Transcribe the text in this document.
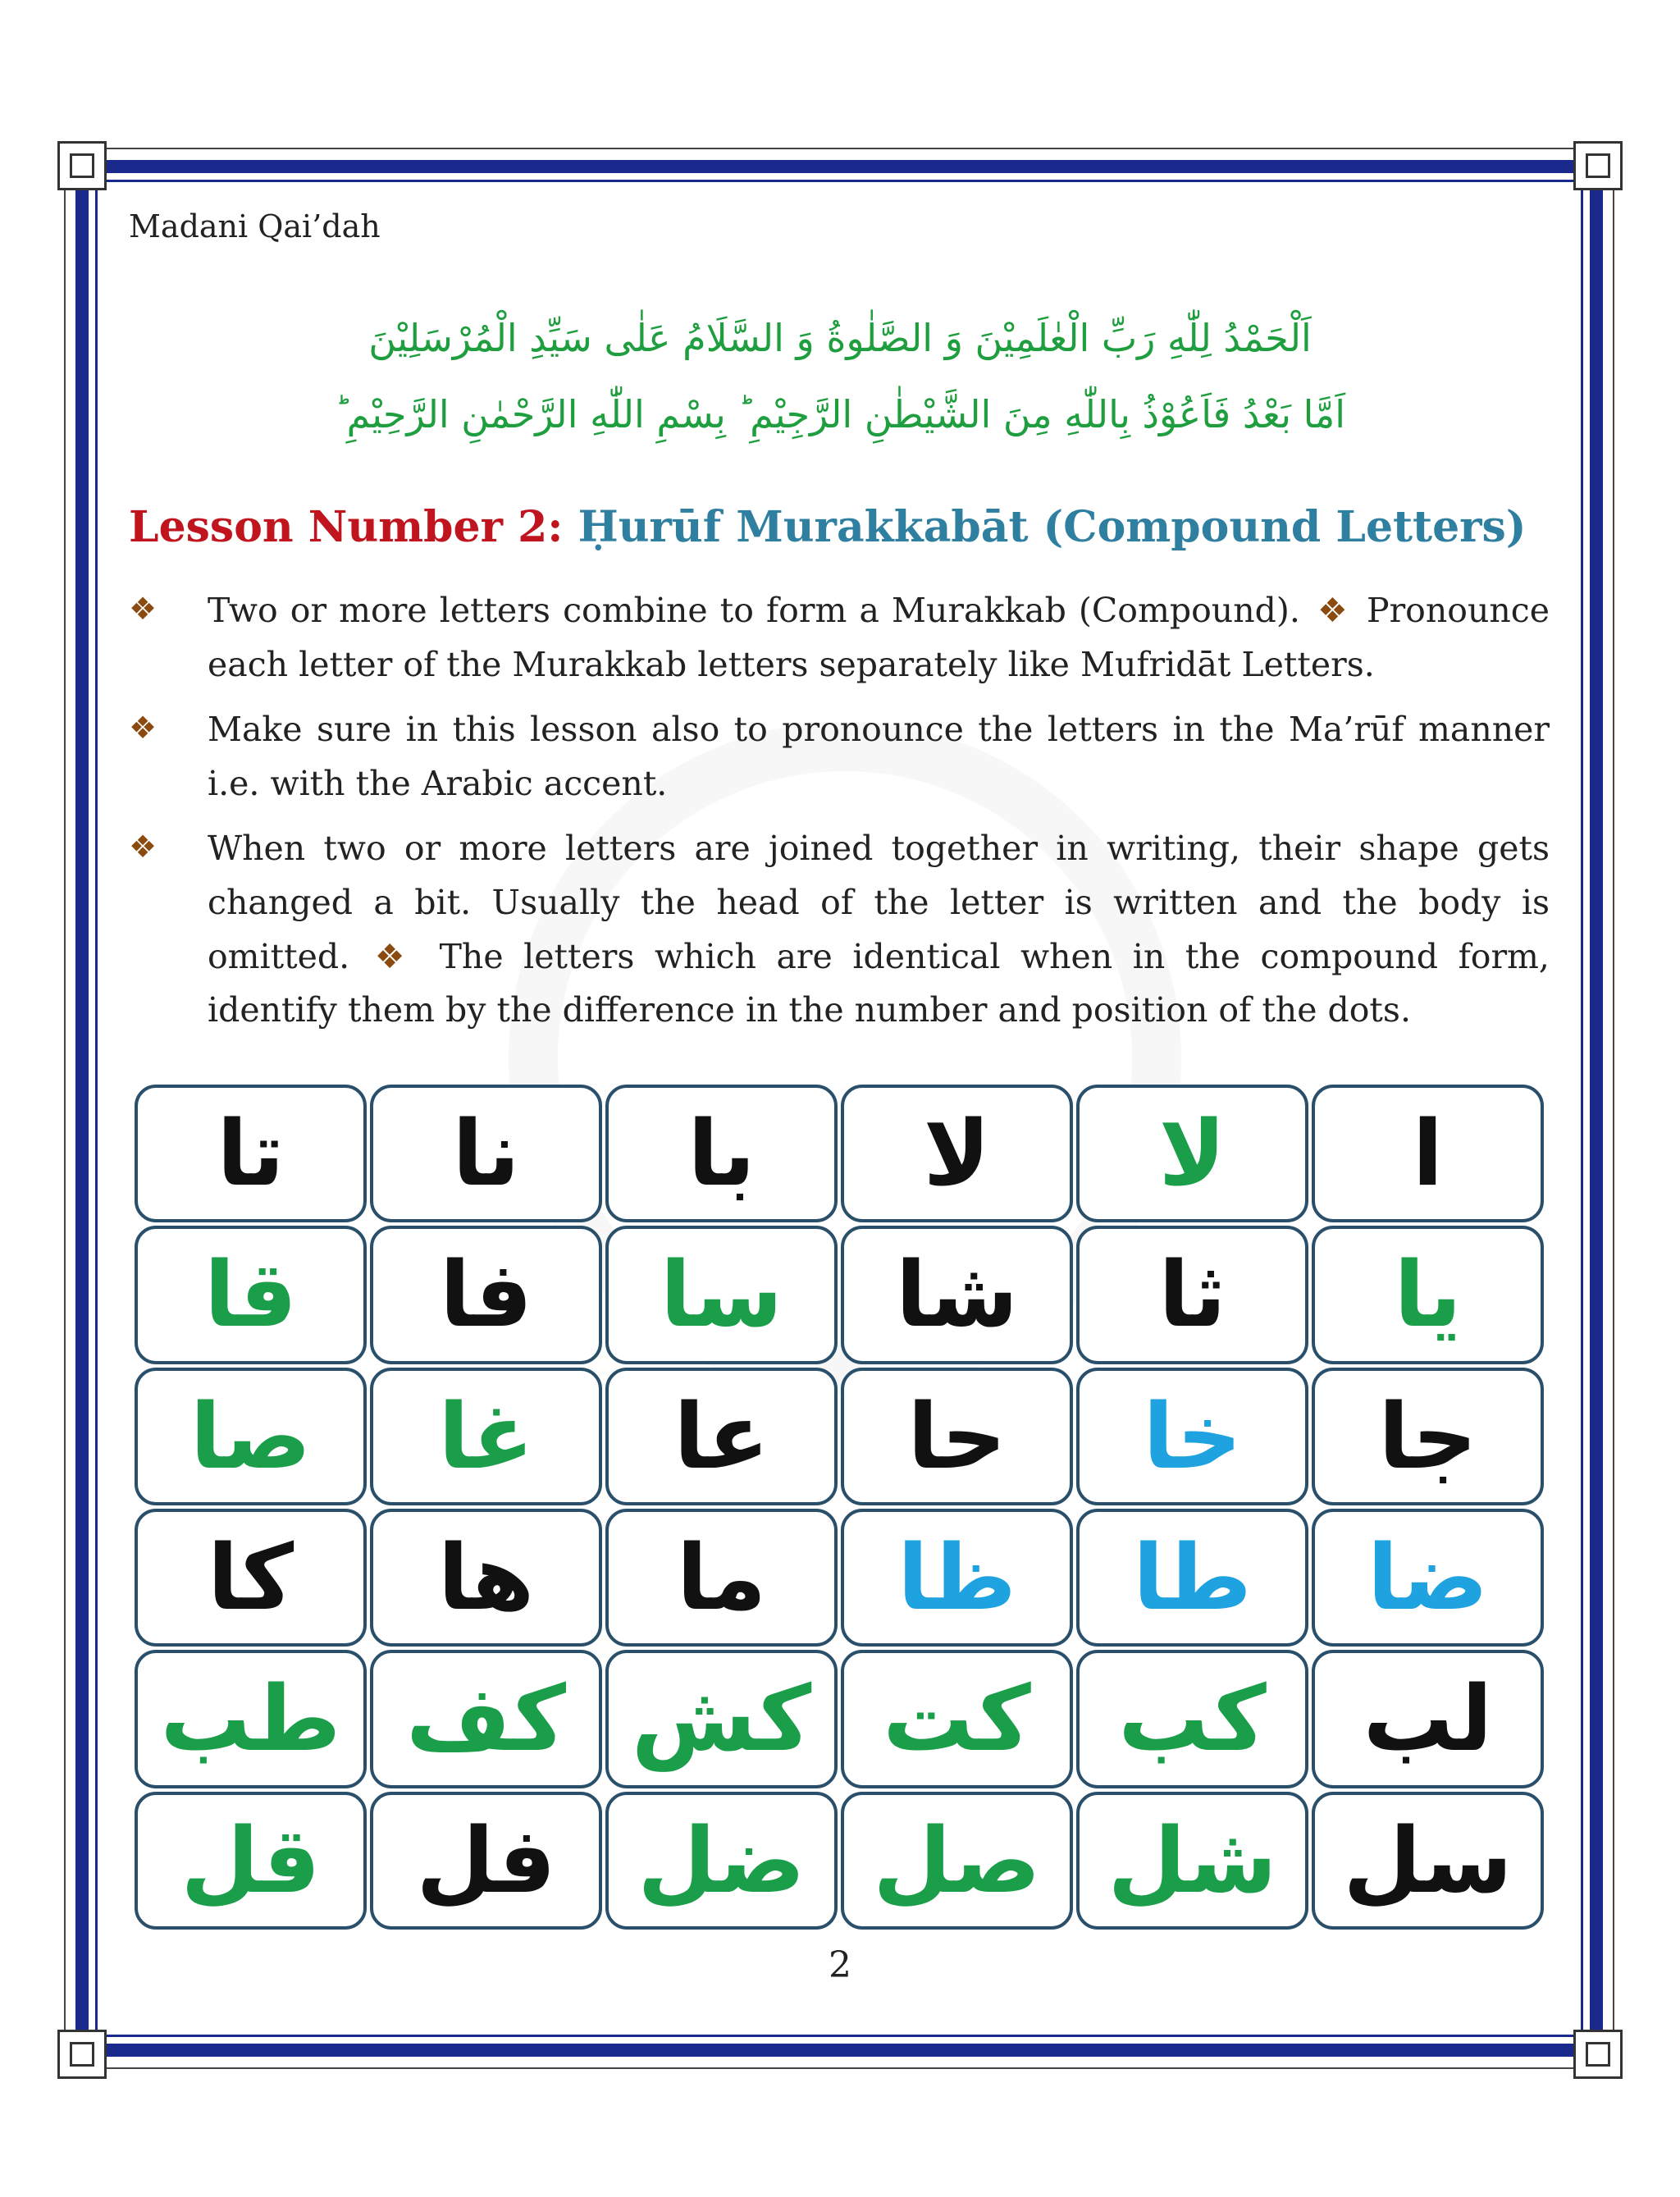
Madani Qai’dah
اَلْحَمْدُ لِلّٰهِ رَبِّ الْعٰلَمِيْنَ وَ الصَّلٰوةُ وَ السَّلَامُ عَلٰى سَيِّدِ الْمُرْسَلِيْنَ
اَمَّا بَعْدُ فَاَعُوْذُ بِاللّٰهِ مِنَ الشَّيْطٰنِ الرَّجِيْمِ ؕ بِسْمِ اللّٰهِ الرَّحْمٰنِ الرَّحِيْمِ ؕ
Lesson Number 2: Ḥurūf Murakkabāt (Compound Letters)
❖ Two or more letters combine to form a Murakkab (Compound). ❖ Pronounce each letter of the Murakkab letters separately like Mufridāt Letters.
❖ Make sure in this lesson also to pronounce the letters in the Ma’rūf manner i.e. with the Arabic accent.
❖ When two or more letters are joined together in writing, their shape gets changed a bit. Usually the head of the letter is written and the body is omitted. ❖ The letters which are identical when in the compound form, identify them by the difference in the number and position of the dots.
تا نا با لا لا ا
قا فا سا شا ثا يا
صا غا عا حا خا جا
كا ها ما ظا طا ضا
طب كف كش كت كب لب
قل فل ضل صل شل سل
2
